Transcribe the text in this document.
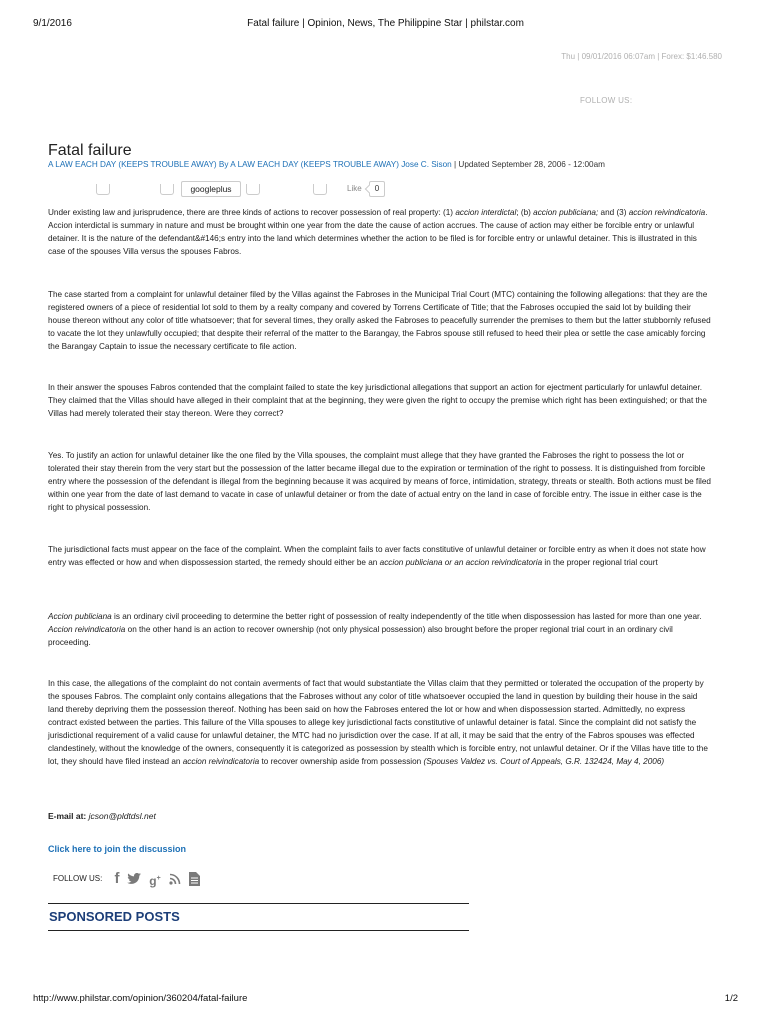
9/1/2016	Fatal failure | Opinion, News, The Philippine Star | philstar.com
Thu | 09/01/2016 06:07am | Forex: $1:46.580
FOLLOW US:
Fatal failure
A LAW EACH DAY (KEEPS TROUBLE AWAY) By A LAW EACH DAY (KEEPS TROUBLE AWAY) Jose C. Sison | Updated September 28, 2006 - 12:00am
googleplus	Like	0

Under existing law and jurisprudence, there are three kinds of actions to recover possession of real property: (1) accion interdictal; (b) accion publiciana; and (3) accion reivindicatoria. Accion interdictal is summary in nature and must be brought within one year from the date the cause of action accrues. The cause of action may either be forcible entry or unlawful detainer. It is the nature of the defendant&#146;s entry into the land which determines whether the action to be filed is for forcible entry or unlawful detainer. This is illustrated in this case of the spouses Villa versus the spouses Fabros.

The case started from a complaint for unlawful detainer filed by the Villas against the Fabroses in the Municipal Trial Court (MTC) containing the following allegations: that they are the registered owners of a piece of residential lot sold to them by a realty company and covered by Torrens Certificate of Title; that the Fabroses occupied the said lot by building their house thereon without any color of title whatsoever; that for several times, they orally asked the Fabroses to peacefully surrender the premises to them but the latter stubbornly refused to vacate the lot they unlawfully occupied; that despite their referral of the matter to the Barangay, the Fabros spouse still refused to heed their plea or settle the case amicably forcing the Barangay Captain to issue the necessary certificate to file action.

In their answer the spouses Fabros contended that the complaint failed to state the key jurisdictional allegations that support an action for ejectment particularly for unlawful detainer. They claimed that the Villas should have alleged in their complaint that at the beginning, they were given the right to occupy the premise which right has been extinguished; or that the Villas had merely tolerated their stay thereon. Were they correct?

Yes. To justify an action for unlawful detainer like the one filed by the Villa spouses, the complaint must allege that they have granted the Fabroses the right to possess the lot or tolerated their stay therein from the very start but the possession of the latter became illegal due to the expiration or termination of the right to possess. It is distinguished from forcible entry where the possession of the defendant is illegal from the beginning because it was acquired by means of force, intimidation, strategy, threats or stealth. Both actions must be filed within one year from the date of last demand to vacate in case of unlawful detainer or from the date of actual entry on the land in case of forcible entry. The issue in either case is the right to physical possession.

The jurisdictional facts must appear on the face of the complaint. When the complaint fails to aver facts constitutive of unlawful detainer or forcible entry as when it does not state how entry was effected or how and when dispossession started, the remedy should either be an accion publiciana or an accion reivindicatoria in the proper regional trial court

Accion publiciana is an ordinary civil proceeding to determine the better right of possession of realty independently of the title when dispossession has lasted for more than one year. Accion reivindicatoria on the other hand is an action to recover ownership (not only physical possession) also brought before the proper regional trial court in an ordinary civil proceeding.

In this case, the allegations of the complaint do not contain averments of fact that would substantiate the Villas claim that they permitted or tolerated the occupation of the property by the spouses Fabros. The complaint only contains allegations that the Fabroses without any color of title whatsoever occupied the land in question by building their house in the said land thereby depriving them the possession thereof. Nothing has been said on how the Fabroses entered the lot or how and when dispossession started. Admittedly, no express contract existed between the parties. This failure of the Villa spouses to allege key jurisdictional facts constitutive of unlawful detainer is fatal. Since the complaint did not satisfy the jurisdictional requirement of a valid cause for unlawful detainer, the MTC had no jurisdiction over the case. If at all, it may be said that the entry of the Fabros spouses was effected clandestinely, without the knowledge of the owners, consequently it is categorized as possession by stealth which is forcible entry, not unlawful detainer. Or if the Villas have title to the lot, they should have filed instead an accion reivindicatoria to recover ownership aside from possession (Spouses Valdez vs. Court of Appeals, G.R. 132424, May 4, 2006)

E-mail at: jcson@pldtdsl.net
Click here to join the discussion
FOLLOW US: f	g+
SPONSORED POSTS
http://www.philstar.com/opinion/360204/fatal-failure	1/2
